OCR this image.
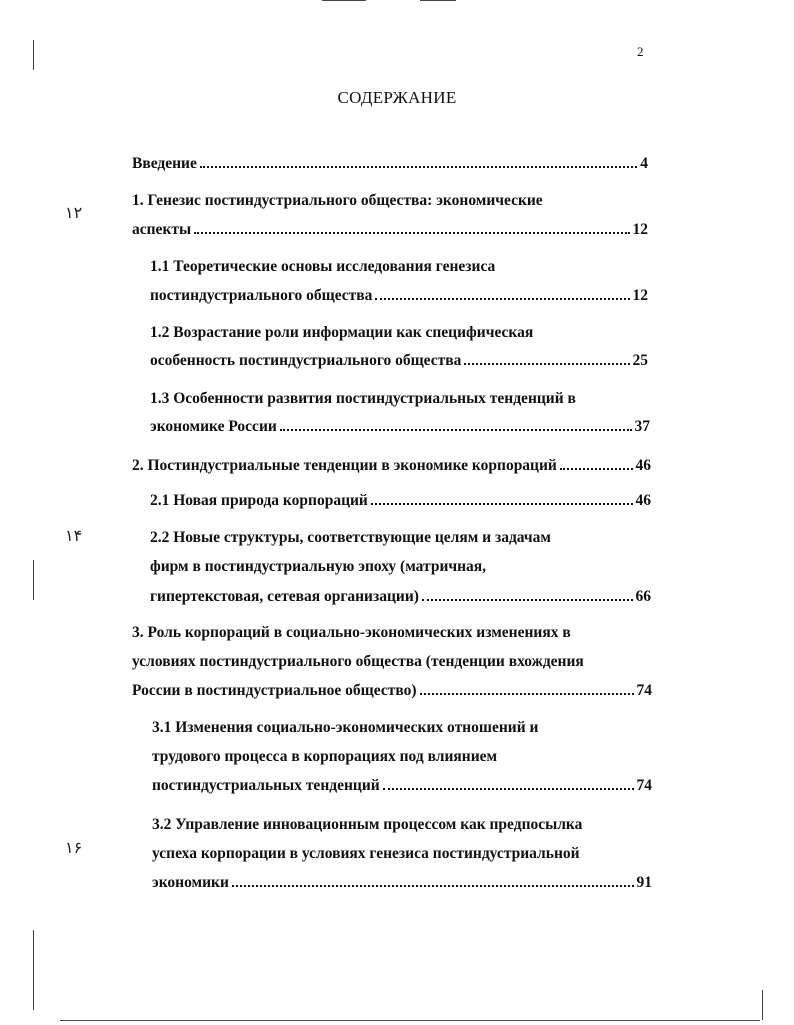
2
СОДЕРЖАНИЕ
۱۲
۱۴
۱۶
Введение	4
1. Генезис постиндустриального общества: экономические
аспекты	12
1.1 Теоретические основы исследования генезиса
постиндустриального общества	12
1.2 Возрастание роли информации как специфическая
особенность постиндустриального общества	25
1.3 Особенности развития постиндустриальных тенденций в
экономике России	37
2. Постиндустриальные тенденции в экономике корпораций	46
2.1 Новая природа корпораций	46
2.2 Новые структуры, соответствующие целям и задачам
фирм в постиндустриальную эпоху (матричная,
гипертекстовая, сетевая организации)	66
3. Роль корпораций в социально-экономических изменениях в
условиях постиндустриального общества (тенденции вхождения
России в постиндустриальное общество)	74
3.1 Изменения социально-экономических отношений и
трудового процесса в корпорациях под влиянием
постиндустриальных тенденций	74
3.2 Управление инновационным процессом как предпосылка
успеха корпорации в условиях генезиса постиндустриальной
экономики	91
